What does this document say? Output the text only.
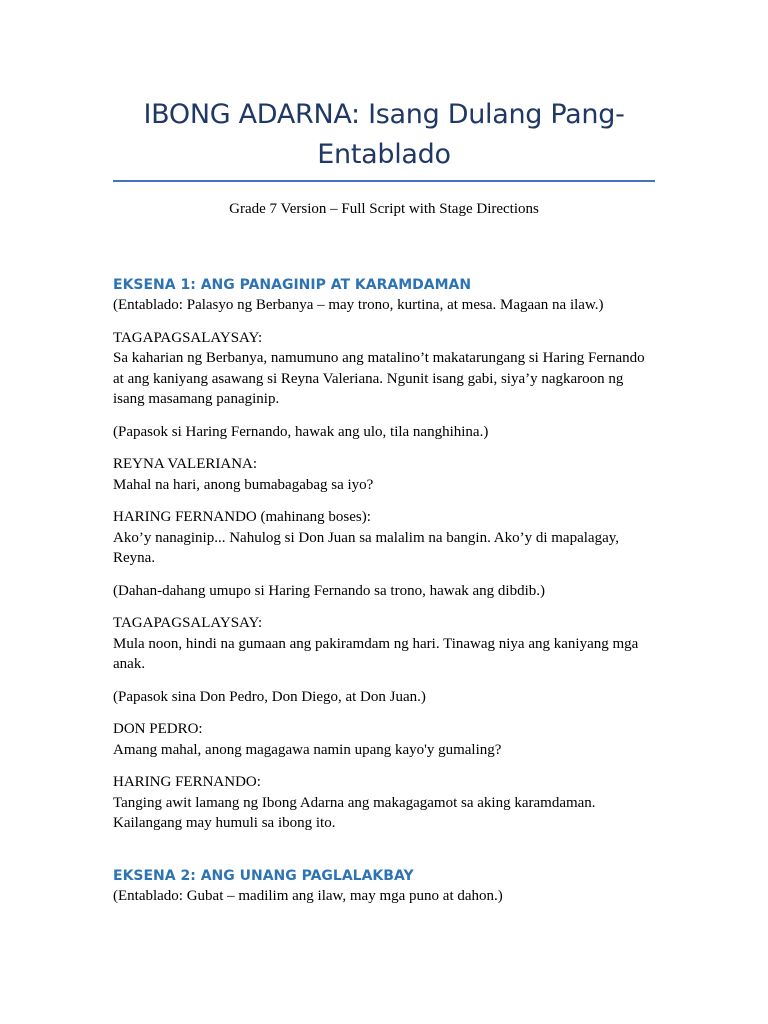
IBONG ADARNA: Isang Dulang Pang-Entablado
Grade 7 Version – Full Script with Stage Directions
EKSENA 1: ANG PANAGINIP AT KARAMDAMAN

(Entablado: Palasyo ng Berbanya – may trono, kurtina, at mesa. Magaan na ilaw.)

TAGAPAGSALAYSAY:

Sa kaharian ng Berbanya, namumuno ang matalino’t makatarungang si Haring Fernando at ang kaniyang asawang si Reyna Valeriana. Ngunit isang gabi, siya’y nagkaroon ng isang masamang panaginip.

(Papasok si Haring Fernando, hawak ang ulo, tila nanghihina.)

REYNA VALERIANA:

Mahal na hari, anong bumabagabag sa iyo?

HARING FERNANDO (mahinang boses):

Ako’y nanaginip... Nahulog si Don Juan sa malalim na bangin. Ako’y di mapalagay, Reyna.

(Dahan-dahang umupo si Haring Fernando sa trono, hawak ang dibdib.)

TAGAPAGSALAYSAY:

Mula noon, hindi na gumaan ang pakiramdam ng hari. Tinawag niya ang kaniyang mga anak.

(Papasok sina Don Pedro, Don Diego, at Don Juan.)

DON PEDRO:

Amang mahal, anong magagawa namin upang kayo'y gumaling?

HARING FERNANDO:

Tanging awit lamang ng Ibong Adarna ang makagagamot sa aking karamdaman. Kailangang may humuli sa ibong ito.

EKSENA 2: ANG UNANG PAGLALAKBAY

(Entablado: Gubat – madilim ang ilaw, may mga puno at dahon.)
